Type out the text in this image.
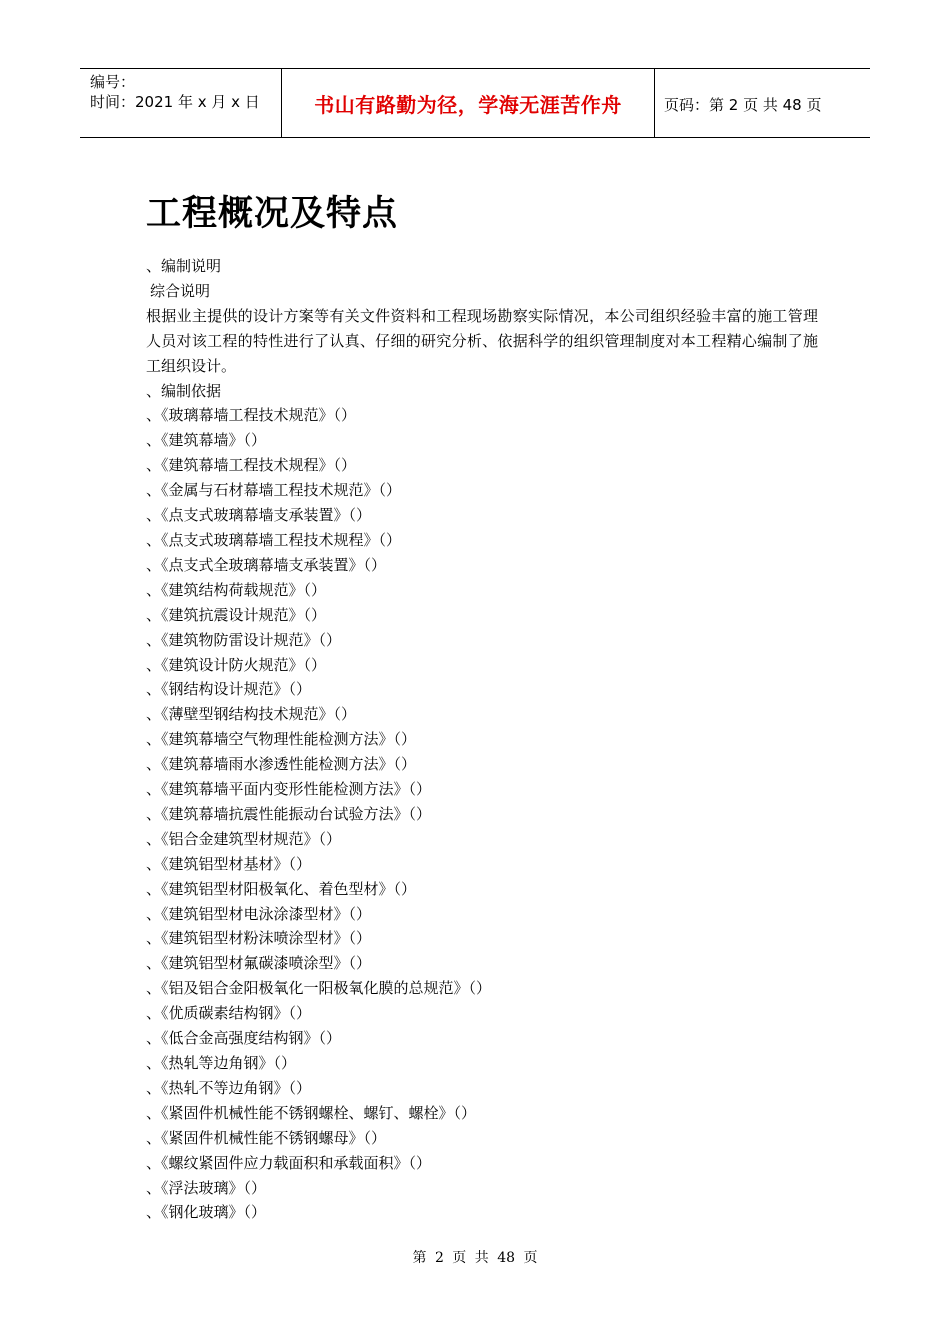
编号：
时间：2021 年 x 月 x 日	书山有路勤为径，学海无涯苦作舟	页码：第 2 页 共 48 页
工程概况及特点

、编制说明

综合说明

根据业主提供的设计方案等有关文件资料和工程现场勘察实际情况，本公司组织经验丰富的施工管理人员对该工程的特性进行了认真、仔细的研究分析、依据科学的组织管理制度对本工程精心编制了施工组织设计。

、编制依据

、《玻璃幕墙工程技术规范》（）
、《建筑幕墙》（）
、《建筑幕墙工程技术规程》（）
、《金属与石材幕墙工程技术规范》（）
、《点支式玻璃幕墙支承装置》（）
、《点支式玻璃幕墙工程技术规程》（）
、《点支式全玻璃幕墙支承装置》（）
、《建筑结构荷载规范》（）
、《建筑抗震设计规范》（）
、《建筑物防雷设计规范》（）
、《建筑设计防火规范》（）
、《钢结构设计规范》（）
、《薄壁型钢结构技术规范》（）
、《建筑幕墙空气物理性能检测方法》（）
、《建筑幕墙雨水渗透性能检测方法》（）
、《建筑幕墙平面内变形性能检测方法》（）
、《建筑幕墙抗震性能振动台试验方法》（）
、《铝合金建筑型材规范》（）
、《建筑铝型材基材》（）
、《建筑铝型材阳极氧化、着色型材》（）
、《建筑铝型材电泳涂漆型材》（）
、《建筑铝型材粉沫喷涂型材》（）
、《建筑铝型材氟碳漆喷涂型》（）
、《铝及铝合金阳极氧化一阳极氧化膜的总规范》（）
、《优质碳素结构钢》（）
、《低合金高强度结构钢》（）
、《热轧等边角钢》（）
、《热轧不等边角钢》（）
、《紧固件机械性能不锈钢螺栓、螺钉、螺栓》（）
、《紧固件机械性能不锈钢螺母》（）
、《螺纹紧固件应力载面积和承载面积》（）
、《浮法玻璃》（）
、《钢化玻璃》（）
第 2 页 共 48 页
